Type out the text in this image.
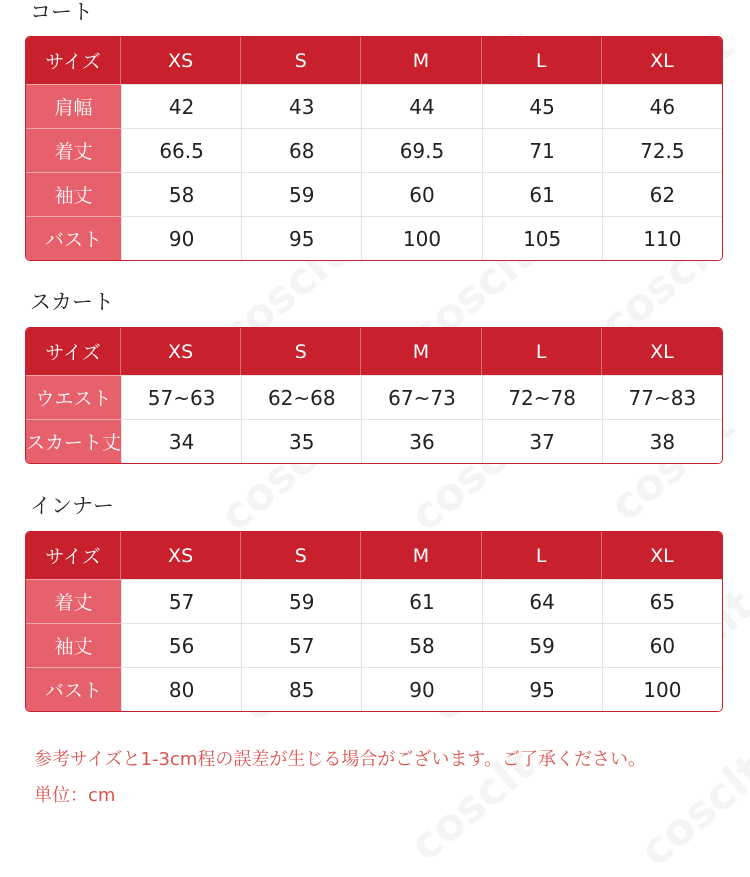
コート
サイズ	XS	S	M	L	XL
肩幅	42	43	44	45	46
着丈	66.5	68	69.5	71	72.5
袖丈	58	59	60	61	62
バスト	90	95	100	105	110
スカート
サイズ	XS	S	M	L	XL
ウエスト	57~63	62~68	67~73	72~78	77~83
スカート丈	34	35	36	37	38
インナー
サイズ	XS	S	M	L	XL
着丈	57	59	61	64	65
袖丈	56	57	58	59	60
バスト	80	85	90	95	100
参考サイズと1-3cm程の誤差が生じる場合がございます。ご了承ください。
単位：cm
